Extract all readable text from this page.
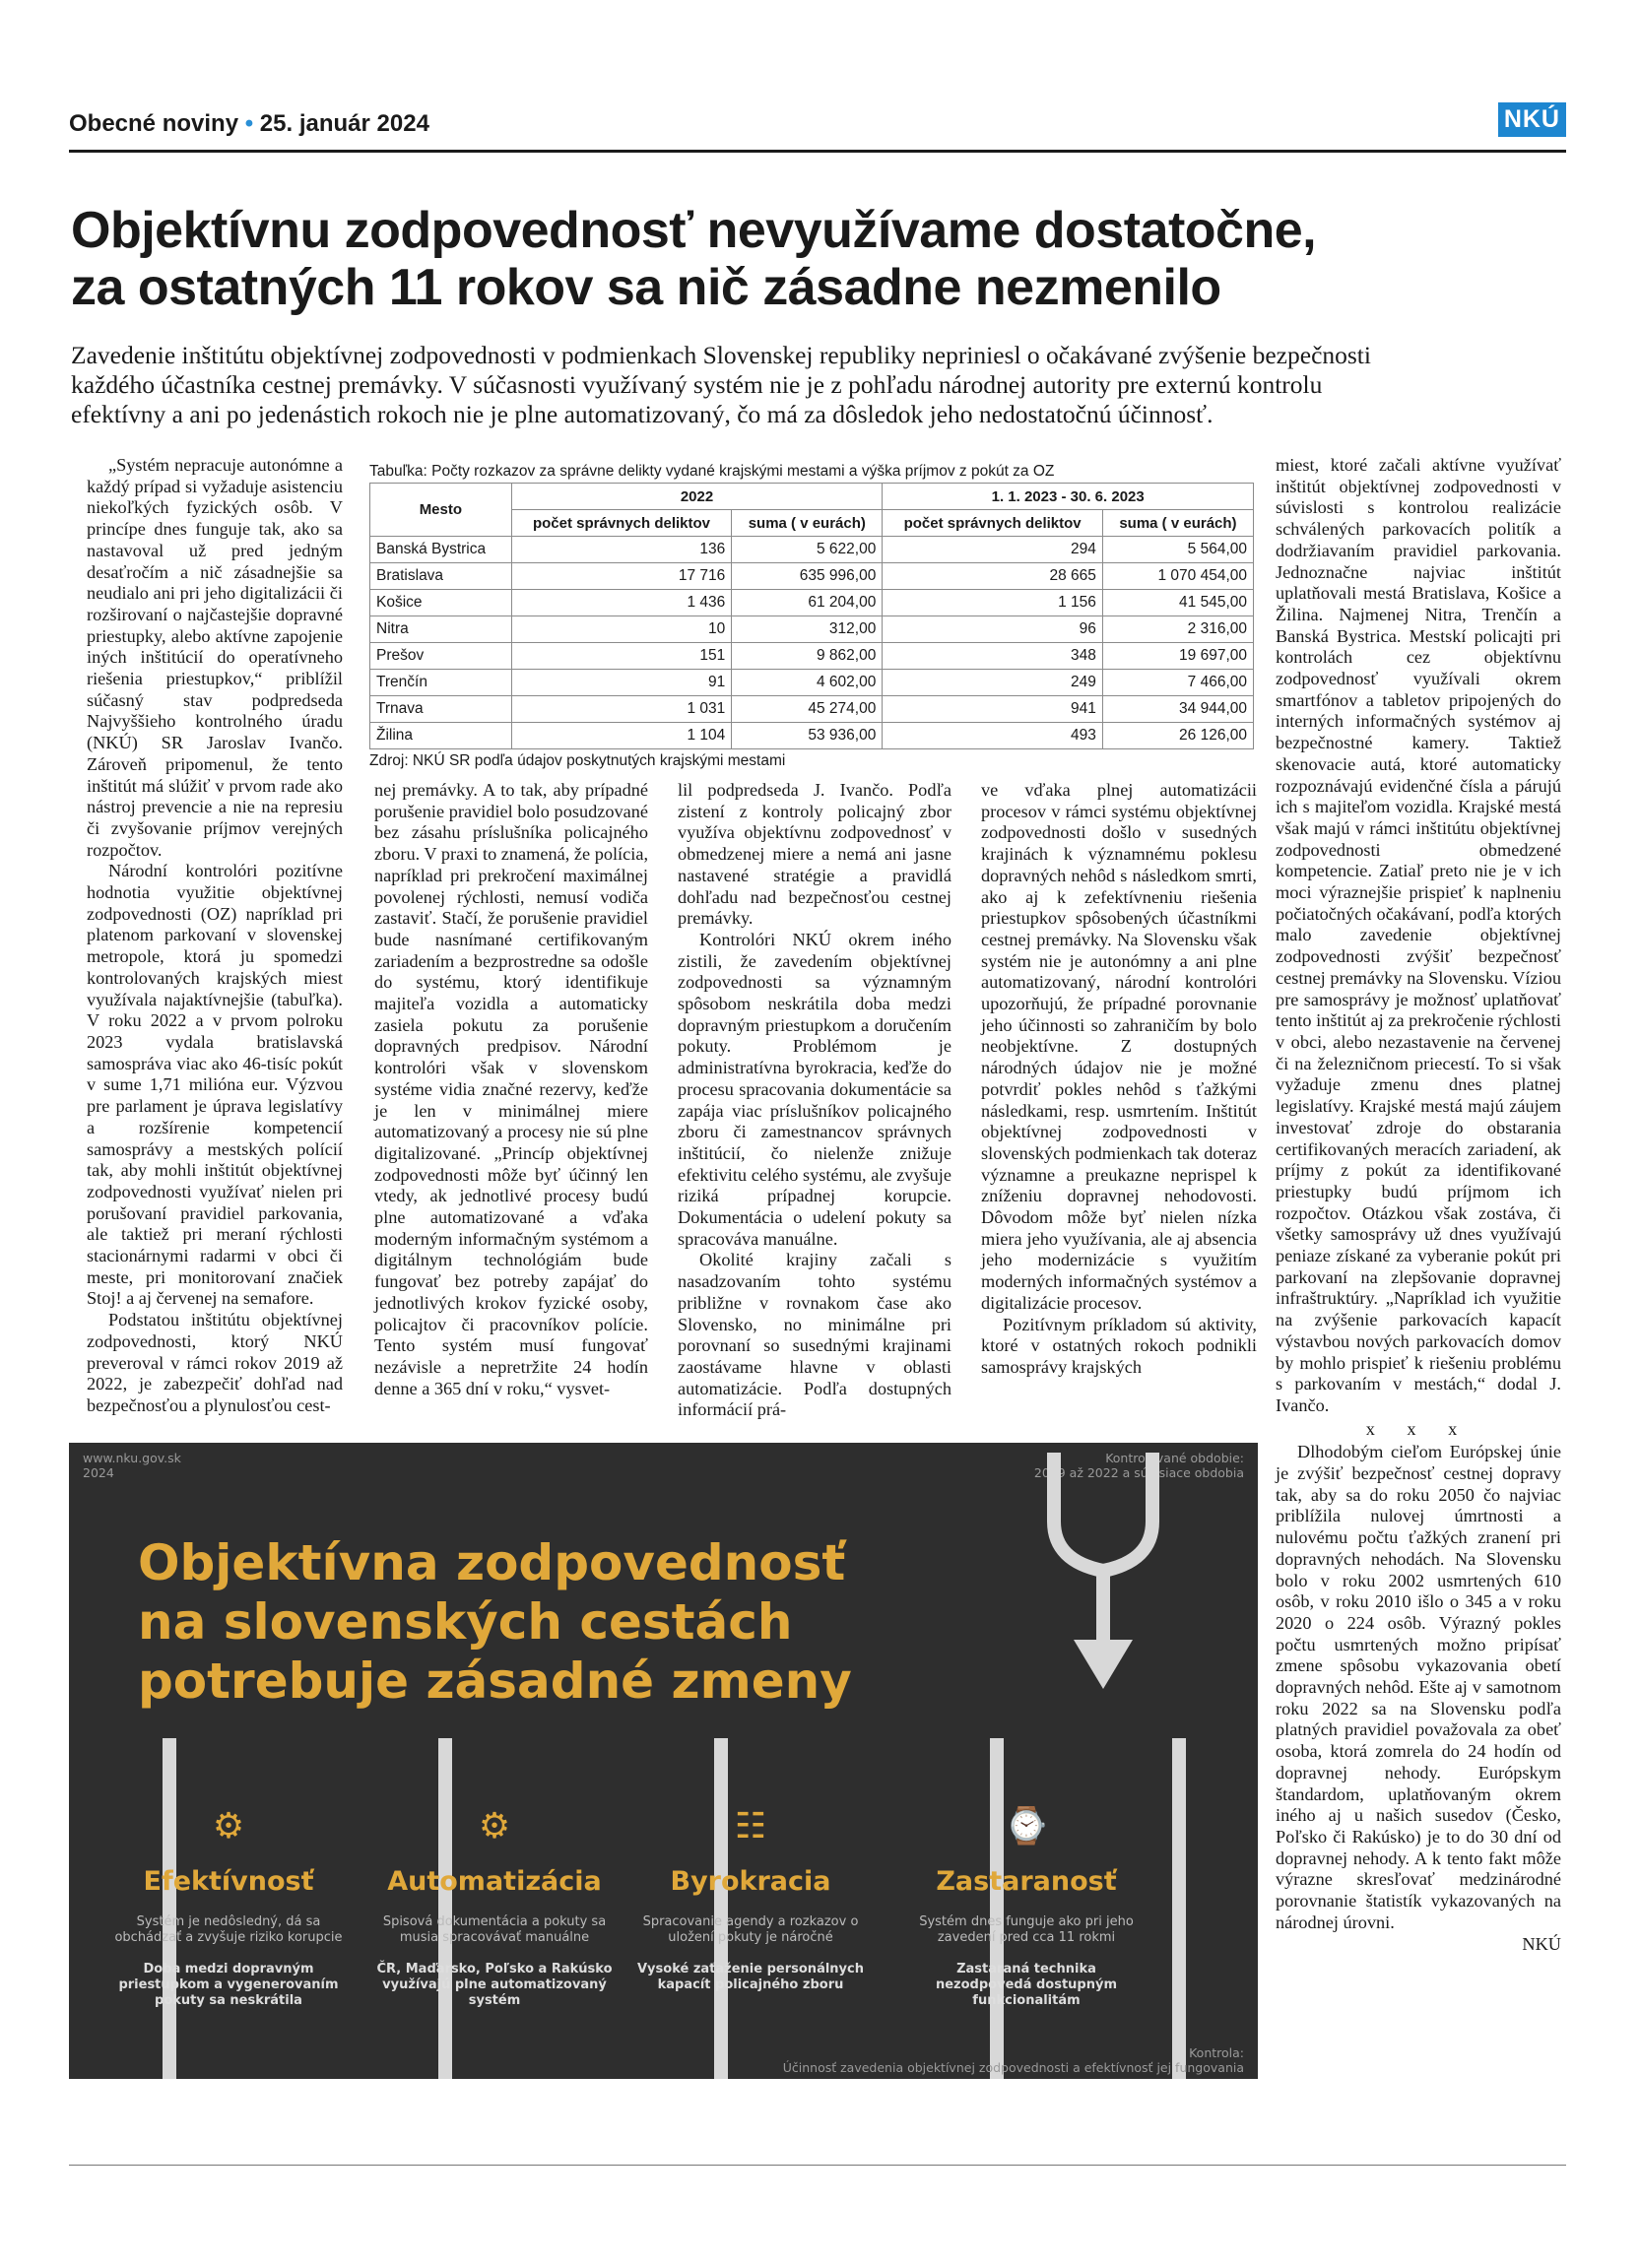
Obecné noviny • 25. január 2024	NKÚ
Objektívnu zodpovednosť nevyužívame dostatočne,
za ostatných 11 rokov sa nič zásadne nezmenilo
Zavedenie inštitútu objektívnej zodpovednosti v podmienkach Slovenskej republiky nepriniesl o očakávané zvýšenie bezpečnosti
každého účastníka cestnej premávky. V súčasnosti využívaný systém nie je z pohľadu národnej autority pre externú kontrolu
efektívny a ani po jedenástich rokoch nie je plne automatizovaný, čo má za dôsledok jeho nedostatočnú účinnosť.

„Systém nepracuje autonómne a každý prípad si vyžaduje asistenciu niekoľkých fyzických osôb. V princípe dnes funguje tak, ako sa nastavoval už pred jedným desaťročím a nič zásadnejšie sa neudialo ani pri jeho digitalizácii či rozširovaní o najčastejšie dopravné priestupky, alebo aktívne zapojenie iných inštitúcií do operatívneho riešenia priestupkov,“ priblížil súčasný stav podpredseda Najvyššieho kontrolného úradu (NKÚ) SR Jaroslav Ivančo. Zároveň pripomenul, že tento inštitút má slúžiť v prvom rade ako nástroj prevencie a nie na represiu či zvyšovanie príjmov verejných rozpočtov.

Národní kontrolóri pozitívne hodnotia využitie objektívnej zodpovednosti (OZ) napríklad pri platenom parkovaní v slovenskej metropole, ktorá ju spomedzi kontrolovaných krajských miest využívala najaktívnejšie (tabuľka). V roku 2022 a v prvom polroku 2023 vydala bratislavská samospráva viac ako 46-tisíc pokút v sume 1,71 milióna eur. Výzvou pre parlament je úprava legislatívy a rozšírenie kompetencií samosprávy a mestských polícií tak, aby mohli inštitút objektívnej zodpovednosti využívať nielen pri porušovaní pravidiel parkovania, ale taktiež pri meraní rýchlosti stacionárnymi radarmi v obci či meste, pri monitorovaní značiek Stoj! a aj červenej na semafore.

Podstatou inštitútu objektívnej zodpovednosti, ktorý NKÚ preveroval v rámci rokov 2019 až 2022, je zabezpečiť dohľad nad bezpečnosťou a plynulosťou cest-

Tabuľka: Počty rozkazov za správne delikty vydané krajskými mestami a výška príjmov z pokút za OZ
Mesto	2022		1. 1. 2023 - 30. 6. 2023	
	počet správnych deliktov	suma ( v eurách)	počet správnych deliktov	suma ( v eurách)
Banská Bystrica	136	5 622,00	294	5 564,00
Bratislava	17 716	635 996,00	28 665	1 070 454,00
Košice	1 436	61 204,00	1 156	41 545,00
Nitra	10	312,00	96	2 316,00
Prešov	151	9 862,00	348	19 697,00
Trenčín	91	4 602,00	249	7 466,00
Trnava	1 031	45 274,00	941	34 944,00
Žilina	1 104	53 936,00	493	26 126,00
Zdroj: NKÚ SR podľa údajov poskytnutých krajskými mestami

nej premávky. A to tak, aby prípadné porušenie pravidiel bolo posudzované bez zásahu príslušníka policajného zboru. V praxi to znamená, že polícia, napríklad pri prekročení maximálnej povolenej rýchlosti, nemusí vodiča zastaviť. Stačí, že porušenie pravidiel bude nasnímané certifikovaným zariadením a bezprostredne sa odošle do systému, ktorý identifikuje majiteľa vozidla a automaticky zasiela pokutu za porušenie dopravných predpisov. Národní kontrolóri však v slovenskom systéme vidia značné rezervy, keďže je len v minimálnej miere automatizovaný a procesy nie sú plne digitalizované. „Princíp objektívnej zodpovednosti môže byť účinný len vtedy, ak jednotlivé procesy budú plne automatizované a vďaka moderným informačným systémom a digitálnym technológiám bude fungovať bez potreby zapájať do jednotlivých krokov fyzické osoby, policajtov či pracovníkov polície. Tento systém musí fungovať nezávisle a nepretržite 24 hodín denne a 365 dní v roku,“ vysvet-

lil podpredseda J. Ivančo. Podľa zistení z kontroly policajný zbor využíva objektívnu zodpovednosť v obmedzenej miere a nemá ani jasne nastavené stratégie a pravidlá dohľadu nad bezpečnosťou cestnej premávky.

Kontrolóri NKÚ okrem iného zistili, že zavedením objektívnej zodpovednosti sa významným spôsobom neskrátila doba medzi dopravným priestupkom a doručením pokuty. Problémom je administratívna byrokracia, keďže do procesu spracovania dokumentácie sa zapája viac príslušníkov policajného zboru či zamestnancov správnych inštitúcií, čo nielenže znižuje efektivitu celého systému, ale zvyšuje riziká prípadnej korupcie. Dokumentácia o udelení pokuty sa spracováva manuálne.

Okolité krajiny začali s nasadzovaním tohto systému približne v rovnakom čase ako Slovensko, no minimálne pri porovnaní so susednými krajinami zaostávame hlavne v oblasti automatizácie. Podľa dostupných informácií prá-

ve vďaka plnej automatizácii procesov v rámci systému objektívnej zodpovednosti došlo v susedných krajinách k významnému poklesu dopravných nehôd s následkom smrti, ako aj k zefektívneniu riešenia priestupkov spôsobených účastníkmi cestnej premávky. Na Slovensku však systém nie je autonómny a ani plne automatizovaný, národní kontrolóri upozorňujú, že prípadné porovnanie jeho účinnosti so zahraničím by bolo neobjektívne. Z dostupných národných údajov nie je možné potvrdiť pokles nehôd s ťažkými následkami, resp. usmrtením. Inštitút objektívnej zodpovednosti v slovenských podmienkach tak doteraz významne a preukazne neprispel k zníženiu dopravnej nehodovosti. Dôvodom môže byť nielen nízka miera jeho využívania, ale aj absencia jeho modernizácie s využitím moderných informačných systémov a digitalizácie procesov.

Pozitívnym príkladom sú aktivity, ktoré v ostatných rokoch podnikli samosprávy krajských

miest, ktoré začali aktívne využívať inštitút objektívnej zodpovednosti v súvislosti s kontrolou realizácie schválených parkovacích politík a dodržiavaním pravidiel parkovania. Jednoznačne najviac inštitút uplatňovali mestá Bratislava, Košice a Žilina. Najmenej Nitra, Trenčín a Banská Bystrica. Mestskí policajti pri kontrolách cez objektívnu zodpovednosť využívali okrem smartfónov a tabletov pripojených do interných informačných systémov aj bezpečnostné kamery. Taktiež skenovacie autá, ktoré automaticky rozpoznávajú evidenčné čísla a párujú ich s majiteľom vozidla. Krajské mestá však majú v rámci inštitútu objektívnej zodpovednosti obmedzené kompetencie. Zatiaľ preto nie je v ich moci výraznejšie prispieť k naplneniu počiatočných očakávaní, podľa ktorých malo zavedenie objektívnej zodpovednosti zvýšiť bezpečnosť cestnej premávky na Slovensku. Víziou pre samosprávy je možnosť uplatňovať tento inštitút aj za prekročenie rýchlosti v obci, alebo nezastavenie na červenej či na železničnom priecestí. To si však vyžaduje zmenu dnes platnej legislatívy. Krajské mestá majú záujem investovať zdroje do obstarania certifikovaných meracích zariadení, ak príjmy z pokút za identifikované priestupky budú príjmom ich rozpočtov. Otázkou však zostáva, či všetky samosprávy už dnes využívajú peniaze získané za vyberanie pokút pri parkovaní na zlepšovanie dopravnej infraštruktúry. „Napríklad ich využitie na zvýšenie parkovacích kapacít výstavbou nových parkovacích domov by mohlo prispieť k riešeniu problému s parkovaním v mestách,“ dodal J. Ivančo.

x x x

Dlhodobým cieľom Európskej únie je zvýšiť bezpečnosť cestnej dopravy tak, aby sa do roku 2050 čo najviac priblížila nulovej úmrtnosti a nulovému počtu ťažkých zranení pri dopravných nehodách. Na Slovensku bolo v roku 2002 usmrtených 610 osôb, v roku 2010 išlo o 345 a v roku 2020 o 224 osôb. Výrazný pokles počtu usmrtených možno pripísať zmene spôsobu vykazovania obetí dopravných nehôd. Ešte aj v samotnom roku 2022 sa na Slovensku podľa platných pravidiel považovala za obeť osoba, ktorá zomrela do 24 hodín od dopravnej nehody. Európskym štandardom, uplatňovaným okrem iného aj u našich susedov (Česko, Poľsko či Rakúsko) je to do 30 dní od dopravnej nehody. A k tento fakt môže výrazne skresľovať medzinárodné porovnanie štatistík vykazovaných na národnej úrovni.

NKÚ

www.nku.gov.sk
2024
Kontrolované obdobie:
2019 až 2022 a súvisiace obdobia
Objektívna zodpovednosť
na slovenských cestách
potrebuje zásadné zmeny
⚙
Efektívnosť
Systém je nedôsledný, dá sa obchádzať a zvyšuje riziko korupcie
Doba medzi dopravným priestupkom a vygenerovaním pokuty sa neskrátila
⚙
Automatizácia
Spisová dokumentácia a pokuty sa musia spracovávať manuálne
ČR, Maďarsko, Poľsko a Rakúsko využívajú plne automatizovaný systém
☷
Byrokracia
Spracovanie agendy a rozkazov o uložení pokuty je náročné
Vysoké zaťaženie personálnych kapacít policajného zboru
⌚
Zastaranosť
Systém dnes funguje ako pri jeho zavedení pred cca 11 rokmi
Zastaraná technika nezodpovedá dostupným funkcionalitám
Kontrola:
Účinnosť zavedenia objektívnej zodpovednosti a efektívnosť jej fungovania
